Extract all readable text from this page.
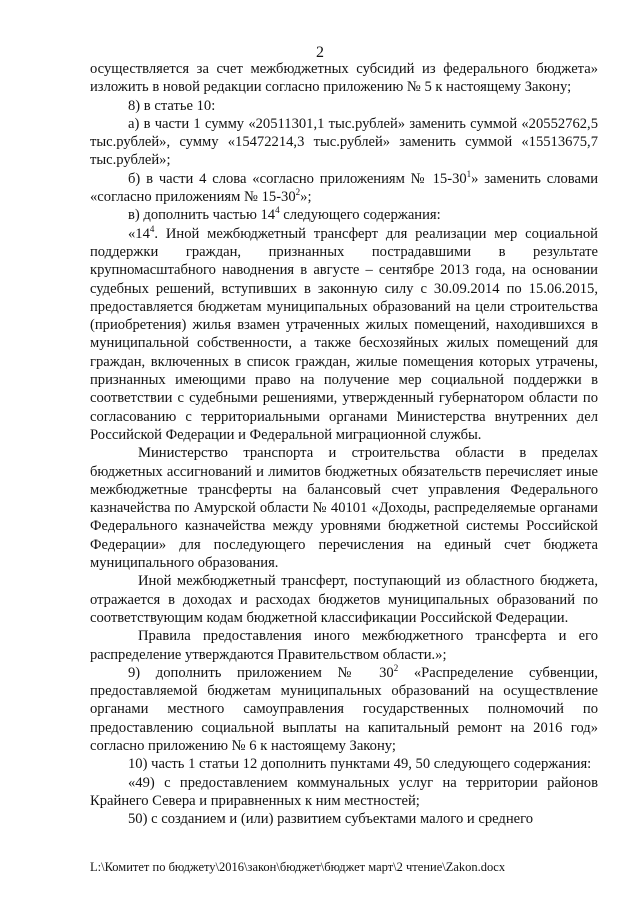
2

осуществляется за счет межбюджетных субсидий из федерального бюджета» изложить в новой редакции согласно приложению № 5 к настоящему Закону;

8) в статье 10:

а) в части 1 сумму «20511301,1 тыс.рублей» заменить суммой «20552762,5 тыс.рублей», сумму «15472214,3 тыс.рублей» заменить суммой «15513675,7 тыс.рублей»;

б) в части 4 слова «согласно приложениям № $15-30^1$» заменить словами «согласно приложениям № $15-30^2$»;

в) дополнить частью $14^4$ следующего содержания:

«$14^4$. Иной межбюджетный трансферт для реализации мер социальной поддержки граждан, признанных пострадавшими в результате крупномасштабного наводнения в августе – сентябре 2013 года, на основании судебных решений, вступивших в законную силу с 30.09.2014 по 15.06.2015, предоставляется бюджетам муниципальных образований на цели строительства (приобретения) жилья взамен утраченных жилых помещений, находившихся в муниципальной собственности, а также бесхозяйных жилых помещений для граждан, включенных в список граждан, жилые помещения которых утрачены, признанных имеющими право на получение мер социальной поддержки в соответствии с судебными решениями, утвержденный губернатором области по согласованию с территориальными органами Министерства внутренних дел Российской Федерации и Федеральной миграционной службы.

Министерство транспорта и строительства области в пределах бюджетных ассигнований и лимитов бюджетных обязательств перечисляет иные межбюджетные трансферты на балансовый счет управления Федерального казначейства по Амурской области № 40101 «Доходы, распределяемые органами Федерального казначейства между уровнями бюджетной системы Российской Федерации» для последующего перечисления на единый счет бюджета муниципального образования.

Иной межбюджетный трансферт, поступающий из областного бюджета, отражается в доходах и расходах бюджетов муниципальных образований по соответствующим кодам бюджетной классификации Российской Федерации.

Правила предоставления иного межбюджетного трансферта и его распределение утверждаются Правительством области.»;

9) дополнить приложением № $30^2$ «Распределение субвенции, предоставляемой бюджетам муниципальных образований на осуществление органами местного самоуправления государственных полномочий по предоставлению социальной выплаты на капитальный ремонт на 2016 год» согласно приложению № 6 к настоящему Закону;

10) часть 1 статьи 12 дополнить пунктами 49, 50 следующего содержания:

«49) с предоставлением коммунальных услуг на территории районов Крайнего Севера и приравненных к ним местностей;

50) с созданием и (или) развитием субъектами малого и среднего

L:\Комитет по бюджету\2016\закон\бюджет\бюджет март\2 чтение\Zakon.docx
